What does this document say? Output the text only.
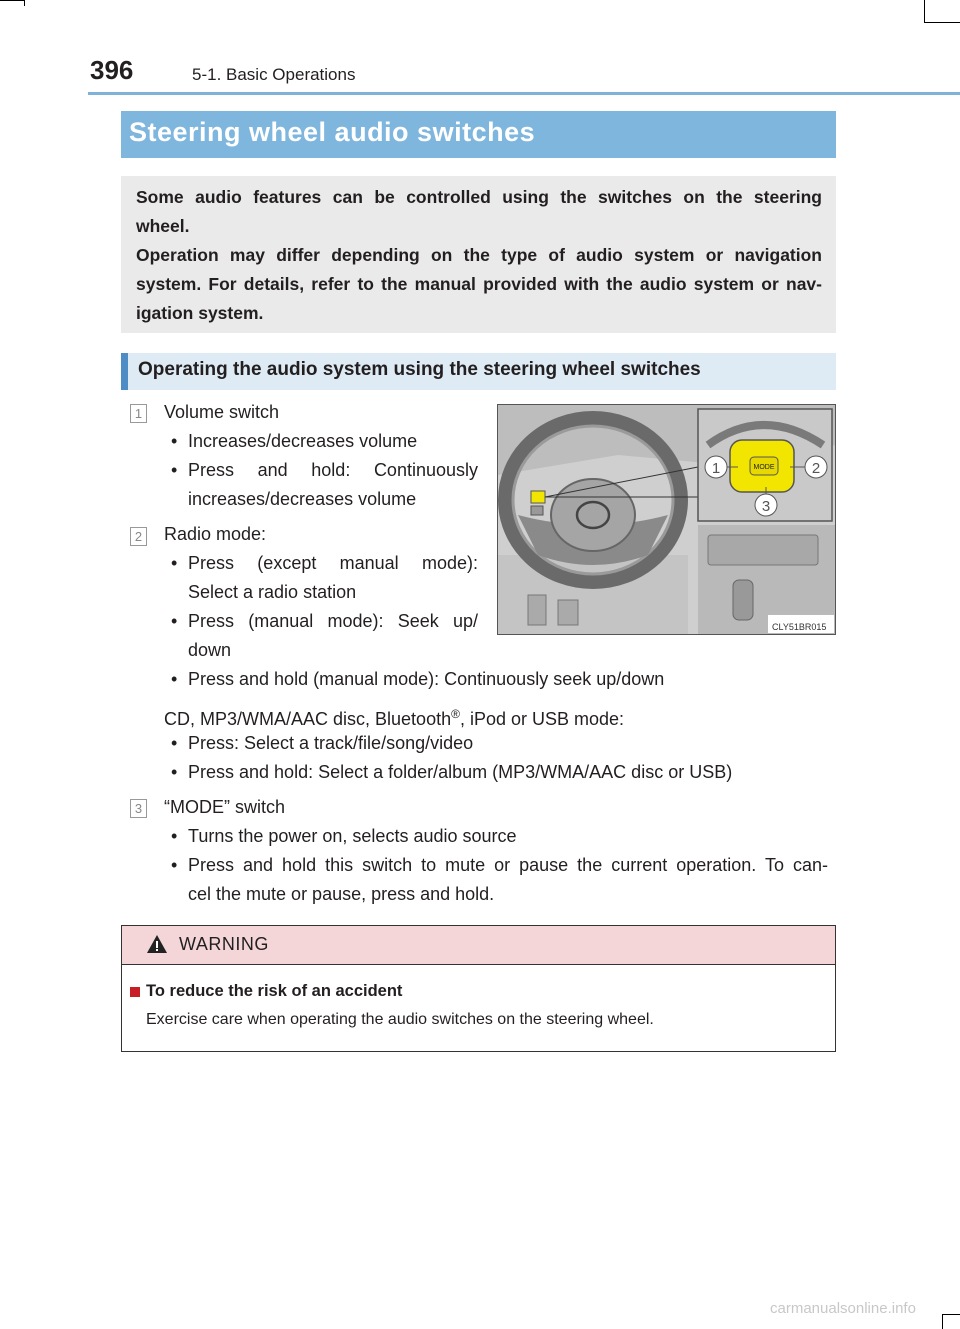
396	5-1. Basic Operations
Steering wheel audio switches
Some audio features can be controlled using the switches on the steering
wheel.
Operation may differ depending on the type of audio system or navigation
system. For details, refer to the manual provided with the audio system or nav-
igation system.
Operating the audio system using the steering wheel switches
1 Volume switch
• Increases/decreases volume
• Press and hold: Continuously
increases/decreases volume
2 Radio mode:
• Press (except manual mode):
Select a radio station
• Press (manual mode): Seek up/
down
• Press and hold (manual mode): Continuously seek up/down
CD, MP3/WMA/AAC disc, Bluetooth®, iPod or USB mode:
• Press: Select a track/file/song/video
• Press and hold: Select a folder/album (MP3/WMA/AAC disc or USB)
3 “MODE” switch
• Turns the power on, selects audio source
• Press and hold this switch to mute or pause the current operation. To can-
cel the mute or pause, press and hold.
MODE
1	2
3
CLY51BR015
WARNING
To reduce the risk of an accident
Exercise care when operating the audio switches on the steering wheel.
carmanualsonline.info
